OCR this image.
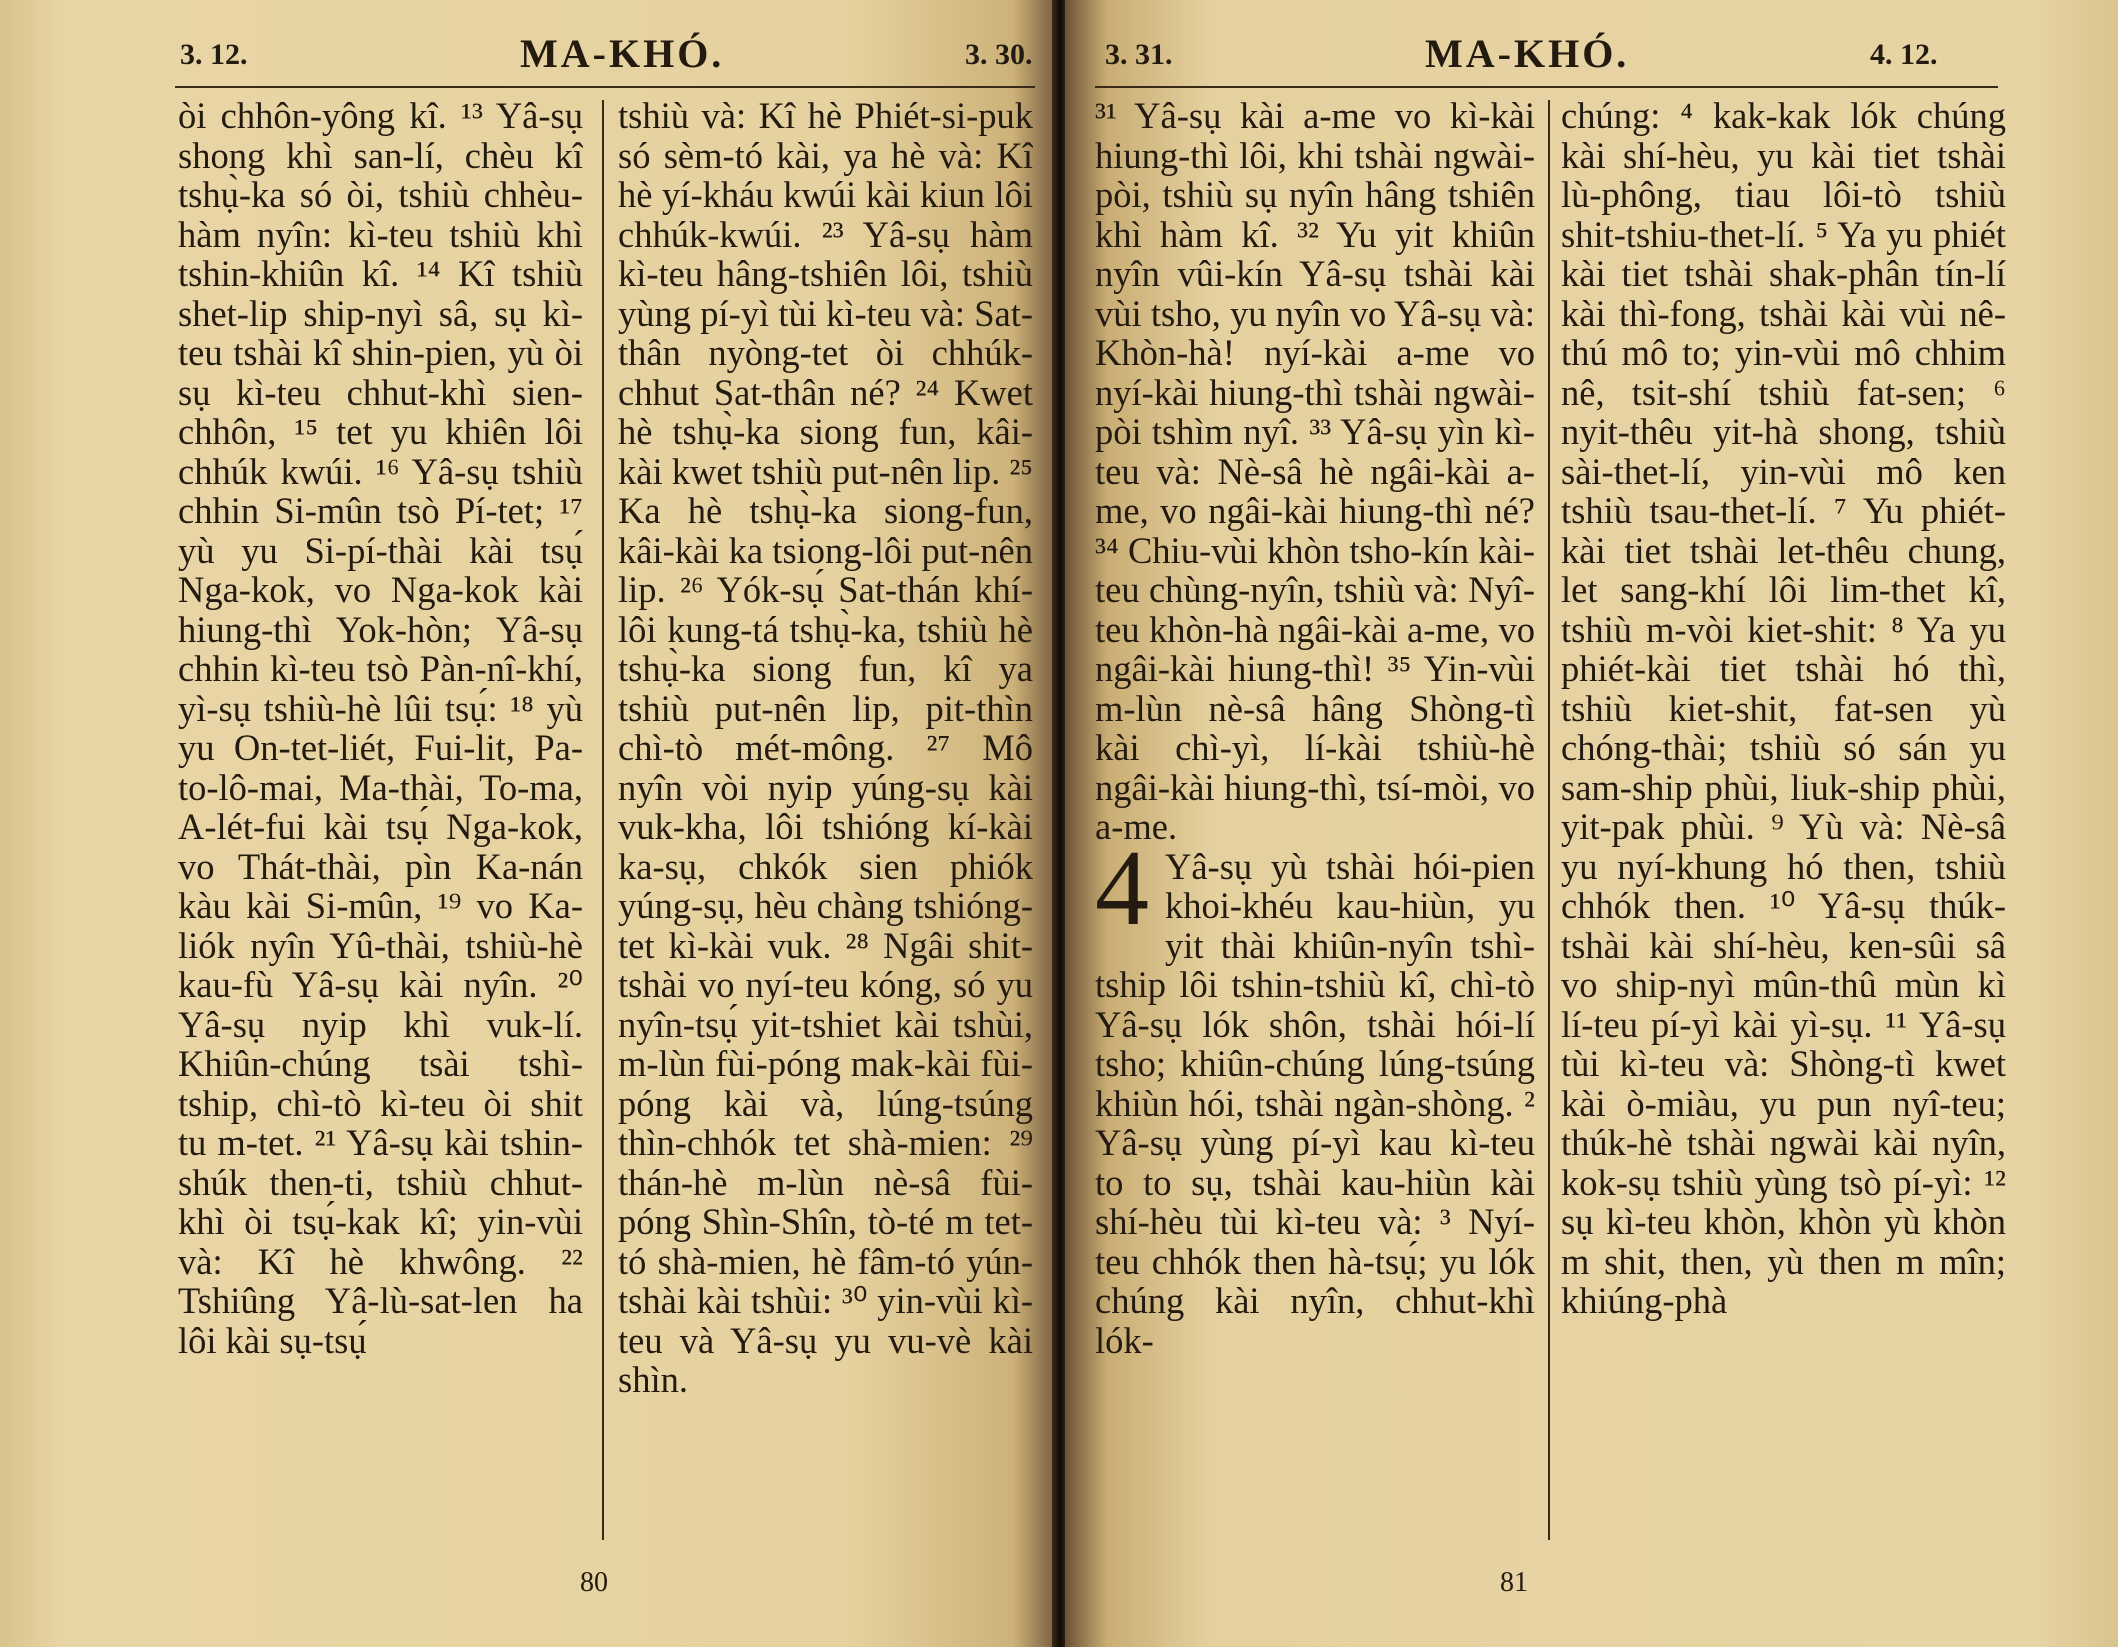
3. 12.	MA-KHÓ.	3. 30.

òi chhôn-yông kî. ¹³ Yâ-sụ shong khì san-lí, chèu kî tshụ̀-ka só òi, tshiù chhèu-hàm nyîn: kì-teu tshiù khì tshin-khiûn kî. ¹⁴ Kî tshiù shet-lip ship-nyì sâ, sụ kì-teu tshài kî shin-pien, yù òi sụ kì-teu chhut-khì sien-chhôn, ¹⁵ tet yu khiên lôi chhúk kwúi. ¹⁶ Yâ-sụ tshiù chhin Si-mûn tsò Pí-tet; ¹⁷ yù yu Si-pí-thài kài tsụ́ Nga-kok, vo Nga-kok kài hiung-thì Yok-hòn; Yâ-sụ chhin kì-teu tsò Pàn-nî-khí, yì-sụ tshiù-hè lûi tsụ́: ¹⁸ yù yu On-tet-liét, Fui-lit, Pa-to-lô-mai, Ma-thài, To-ma, A-lét-fui kài tsụ́ Nga-kok, vo Thát-thài, pìn Ka-nán kàu kài Si-mûn, ¹⁹ vo Ka-liók nyîn Yû-thài, tshiù-hè kau-fù Yâ-sụ kài nyîn. ²⁰ Yâ-sụ nyip khì vuk-lí. Khiûn-chúng tsài tshì-tship, chì-tò kì-teu òi shit tu m-tet. ²¹ Yâ-sụ kài tshin-shúk then-ti, tshiù chhut-khì òi tsụ́-kak kî; yin-vùi và: Kî hè khwông. ²² Tshiûng Yâ-lù-sat-len ha lôi kài sụ-tsụ́

tshiù và: Kî hè Phiét-si-puk só sèm-tó kài, ya hè và: Kî hè yí-kháu kwúi kài kiun lôi chhúk-kwúi. ²³ Yâ-sụ hàm kì-teu hâng-tshiên lôi, tshiù yùng pí-yì tùi kì-teu và: Sat-thân nyòng-tet òi chhúk-chhut Sat-thân né? ²⁴ Kwet hè tshụ̀-ka siong fun, kâi-kài kwet tshiù put-nên lip. ²⁵ Ka hè tshụ̀-ka siong-fun, kâi-kài ka tsiong-lôi put-nên lip. ²⁶ Yók-sụ́ Sat-thán khí-lôi kung-tá tshụ̀-ka, tshiù hè tshụ̀-ka siong fun, kî ya tshiù put-nên lip, pit-thìn chì-tò mét-mông. ²⁷ Mô nyîn vòi nyip yúng-sụ kài vuk-kha, lôi tshióng kí-kài ka-sụ, chkók sien phiók yúng-sụ, hèu chàng tshióng-tet kì-kài vuk. ²⁸ Ngâi shit-tshài vo nyí-teu kóng, só yu nyîn-tsụ́ yit-tshiet kài tshùi, m-lùn fùi-póng mak-kài fùi-póng kài và, lúng-tsúng thìn-chhók tet shà-mien: ²⁹ thán-hè m-lùn nè-sâ fùi-póng Shìn-Shîn, tò-té m tet-tó shà-mien, hè fâm-tó yún-tshài kài tshùi: ³⁰ yin-vùi kì-teu và Yâ-sụ yu vu-vè kài shìn.

80
3. 31.	MA-KHÓ.	4. 12.

³¹ Yâ-sụ kài a-me vo kì-kài hiung-thì lôi, khi tshài ngwài-pòi, tshiù sụ nyîn hâng tshiên khì hàm kî. ³² Yu yit khiûn nyîn vûi-kín Yâ-sụ tshài kài vùi tsho, yu nyîn vo Yâ-sụ và: Khòn-hà! nyí-kài a-me vo nyí-kài hiung-thì tshài ngwài-pòi tshìm nyî. ³³ Yâ-sụ yìn kì-teu và: Nè-sâ hè ngâi-kài a-me, vo ngâi-kài hiung-thì né? ³⁴ Chiu-vùi khòn tsho-kín kài-teu chùng-nyîn, tshiù và: Nyî-teu khòn-hà ngâi-kài a-me, vo ngâi-kài hiung-thì! ³⁵ Yin-vùi m-lùn nè-sâ hâng Shòng-tì kài chì-yì, lí-kài tshiù-hè ngâi-kài hiung-thì, tsí-mòi, vo a-me.

4 Yâ-sụ yù tshài hói-pien khoi-khéu kau-hiùn, yu yit thài khiûn-nyîn tshì-tship lôi tshin-tshiù kî, chì-tò Yâ-sụ lók shôn, tshài hói-lí tsho; khiûn-chúng lúng-tsúng khiùn hói, tshài ngàn-shòng. ² Yâ-sụ yùng pí-yì kau kì-teu to to sụ, tshài kau-hiùn kài shí-hèu tùi kì-teu và: ³ Nyí-teu chhók then hà-tsụ́; yu lók chúng kài nyîn, chhut-khì lók-

chúng: ⁴ kak-kak lók chúng kài shí-hèu, yu kài tiet tshài lù-phông, tiau lôi-tò tshiù shit-tshiu-thet-lí. ⁵ Ya yu phiét kài tiet tshài shak-phân tín-lí kài thì-fong, tshài kài vùi nê-thú mô to; yin-vùi mô chhim nê, tsit-shí tshiù fat-sen; ⁶ nyit-thêu yit-hà shong, tshiù sài-thet-lí, yin-vùi mô ken tshiù tsau-thet-lí. ⁷ Yu phiét-kài tiet tshài let-thêu chung, let sang-khí lôi lim-thet kî, tshiù m-vòi kiet-shit: ⁸ Ya yu phiét-kài tiet tshài hó thì, tshiù kiet-shit, fat-sen yù chóng-thài; tshiù só sán yu sam-ship phùi, liuk-ship phùi, yit-pak phùi. ⁹ Yù và: Nè-sâ yu nyí-khung hó then, tshiù chhók then. ¹⁰ Yâ-sụ thúk-tshài kài shí-hèu, ken-sûi sâ vo ship-nyì mûn-thû mùn kì lí-teu pí-yì kài yì-sụ. ¹¹ Yâ-sụ tùi kì-teu và: Shòng-tì kwet kài ò-miàu, yu pun nyî-teu; thúk-hè tshài ngwài kài nyîn, kok-sụ tshiù yùng tsò pí-yì: ¹² sụ kì-teu khòn, khòn yù khòn m shit, then, yù then m mîn; khiúng-phà

81
